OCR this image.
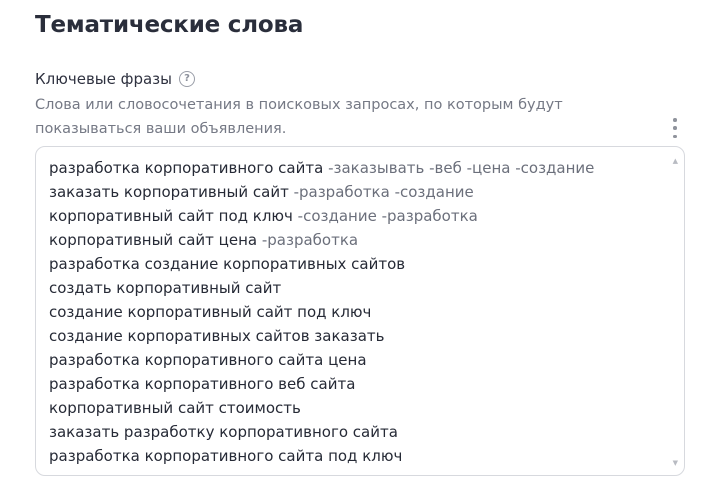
Тематические слова
Ключевые фразы	?
Слова или словосочетания в поисковых запросах, по которым будут показываться ваши объявления.
разработка корпоративного сайта -заказывать -веб -цена -создание
заказать корпоративный сайт -разработка -создание
корпоративный сайт под ключ -создание -разработка
корпоративный сайт цена -разработка
разработка создание корпоративных сайтов
создать корпоративный сайт
создание корпоративный сайт под ключ
создание корпоративных сайтов заказать
разработка корпоративного сайта цена
разработка корпоративного веб сайта
корпоративный сайт стоимость
заказать разработку корпоративного сайта
разработка корпоративного сайта под ключ
▲
▼
